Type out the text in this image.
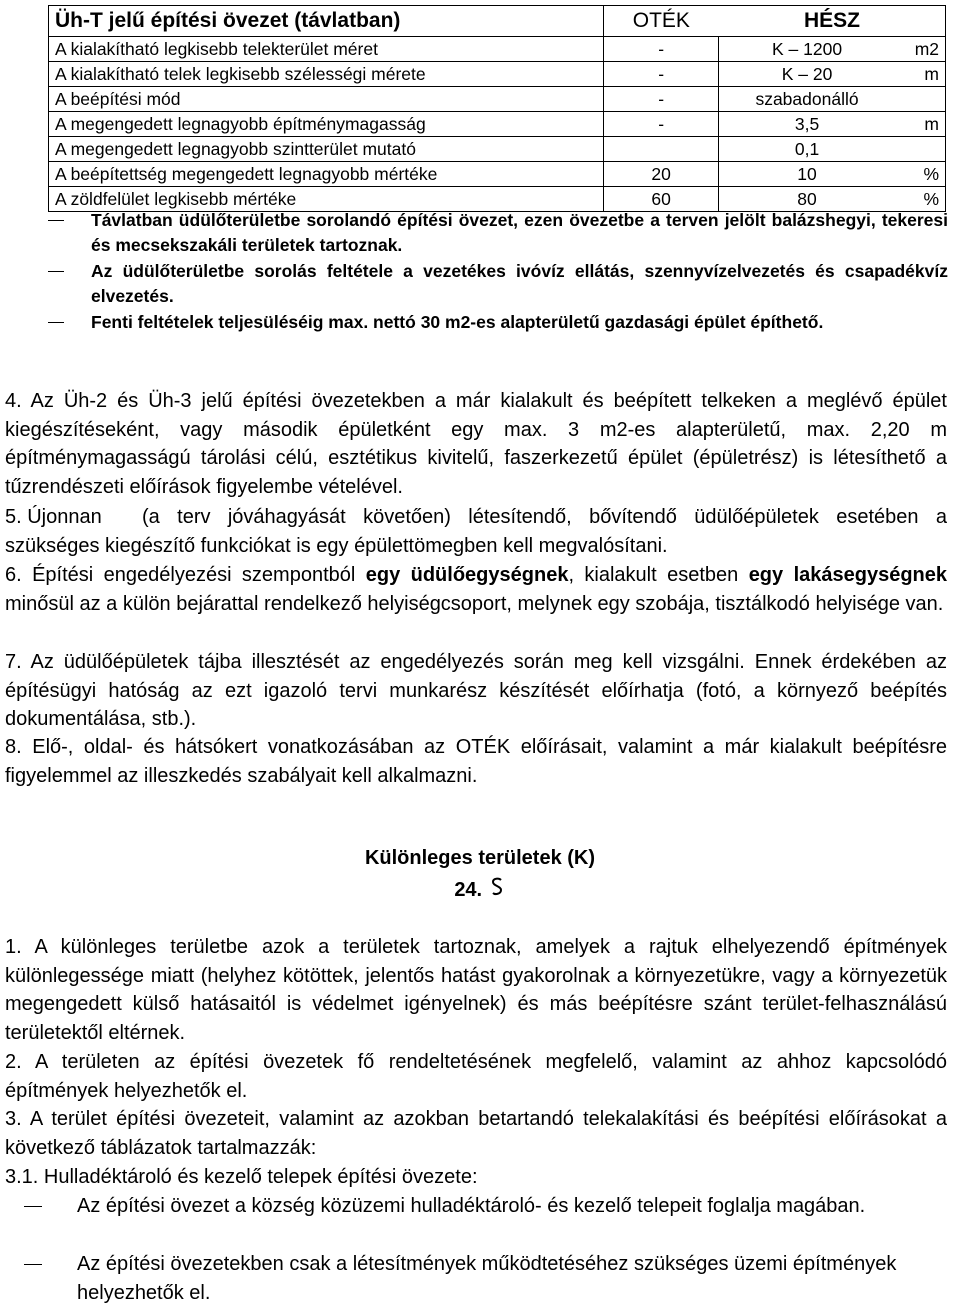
Üh-T jelű építési övezet (távlatban)	OTÉK	HÉSZ	
A kialakítható legkisebb telekterület méret	-	K – 1200	m2
A kialakítható telek legkisebb szélességi mérete	-	K – 20	m
A beépítési mód	-	szabadonálló	
A megengedett legnagyobb építménymagasság	-	3,5	m
A megengedett legnagyobb szintterület mutató		0,1	
A beépítettség megengedett legnagyobb mértéke	20	10	%
A zöldfelület legkisebb mértéke	60	80	%
Távlatban üdülőterületbe sorolandó építési övezet, ezen övezetbe a terven jelölt balázshegyi, tekeresi és mecsekszakáli területek tartoznak.
Az üdülőterületbe sorolás feltétele a vezetékes ivóvíz ellátás, szennyvízelvezetés és csapadékvíz elvezetés.
Fenti feltételek teljesüléséig max. nettó 30 m2-es alapterületű gazdasági épület építhető.
4. Az Üh-2 és Üh-3 jelű építési övezetekben a már kialakult és beépített telkeken a meglévő épület kiegészítéseként, vagy második épületként egy max. 3 m2-es alapterületű, max. 2,20 m építménymagasságú tárolási célú, esztétikus kivitelű, faszerkezetű épület (épületrész) is létesíthető a tűzrendészeti előírások figyelembe vételével.
5. Újonnan	(a terv jóváhagyását követően) létesítendő, bővítendő üdülőépületek esetében a szükséges kiegészítő funkciókat is egy épülettömegben kell megvalósítani.
6. Építési engedélyezési szempontból egy üdülőegységnek, kialakult esetben egy lakásegységnek minősül az a külön bejárattal rendelkező helyiségcsoport, melynek egy szobája, tisztálkodó helyisége van.
7. Az üdülőépületek tájba illesztését az engedélyezés során meg kell vizsgálni. Ennek érdekében az építésügyi hatóság az ezt igazoló tervi munkarész készítését előírhatja (fotó, a környező beépítés dokumentálása, stb.).
8. Elő-, oldal- és hátsókert vonatkozásában az OTÉK előírásait, valamint a már kialakult beépítésre figyelemmel az illeszkedés szabályait kell alkalmazni.
Különleges területek (K)
24.
1. A különleges területbe azok a területek tartoznak, amelyek a rajtuk elhelyezendő építmények különlegessége miatt (helyhez kötöttek, jelentős hatást gyakorolnak a környezetükre, vagy a környezetük megengedett külső hatásaitól is védelmet igényelnek) és más beépítésre szánt terület-felhasználású területektől eltérnek.
2. A területen az építési övezetek fő rendeltetésének megfelelő, valamint az ahhoz kapcsolódó építmények helyezhetők el.
3. A terület építési övezeteit, valamint az azokban betartandó telekalakítási és beépítési előírásokat a következő táblázatok tartalmazzák:
3.1. Hulladéktároló és kezelő telepek építési övezete:
Az építési övezet a község közüzemi hulladéktároló- és kezelő telepeit foglalja magában.
Az építési övezetekben csak a létesítmények működtetéséhez szükséges üzemi építmények helyezhetők el.
